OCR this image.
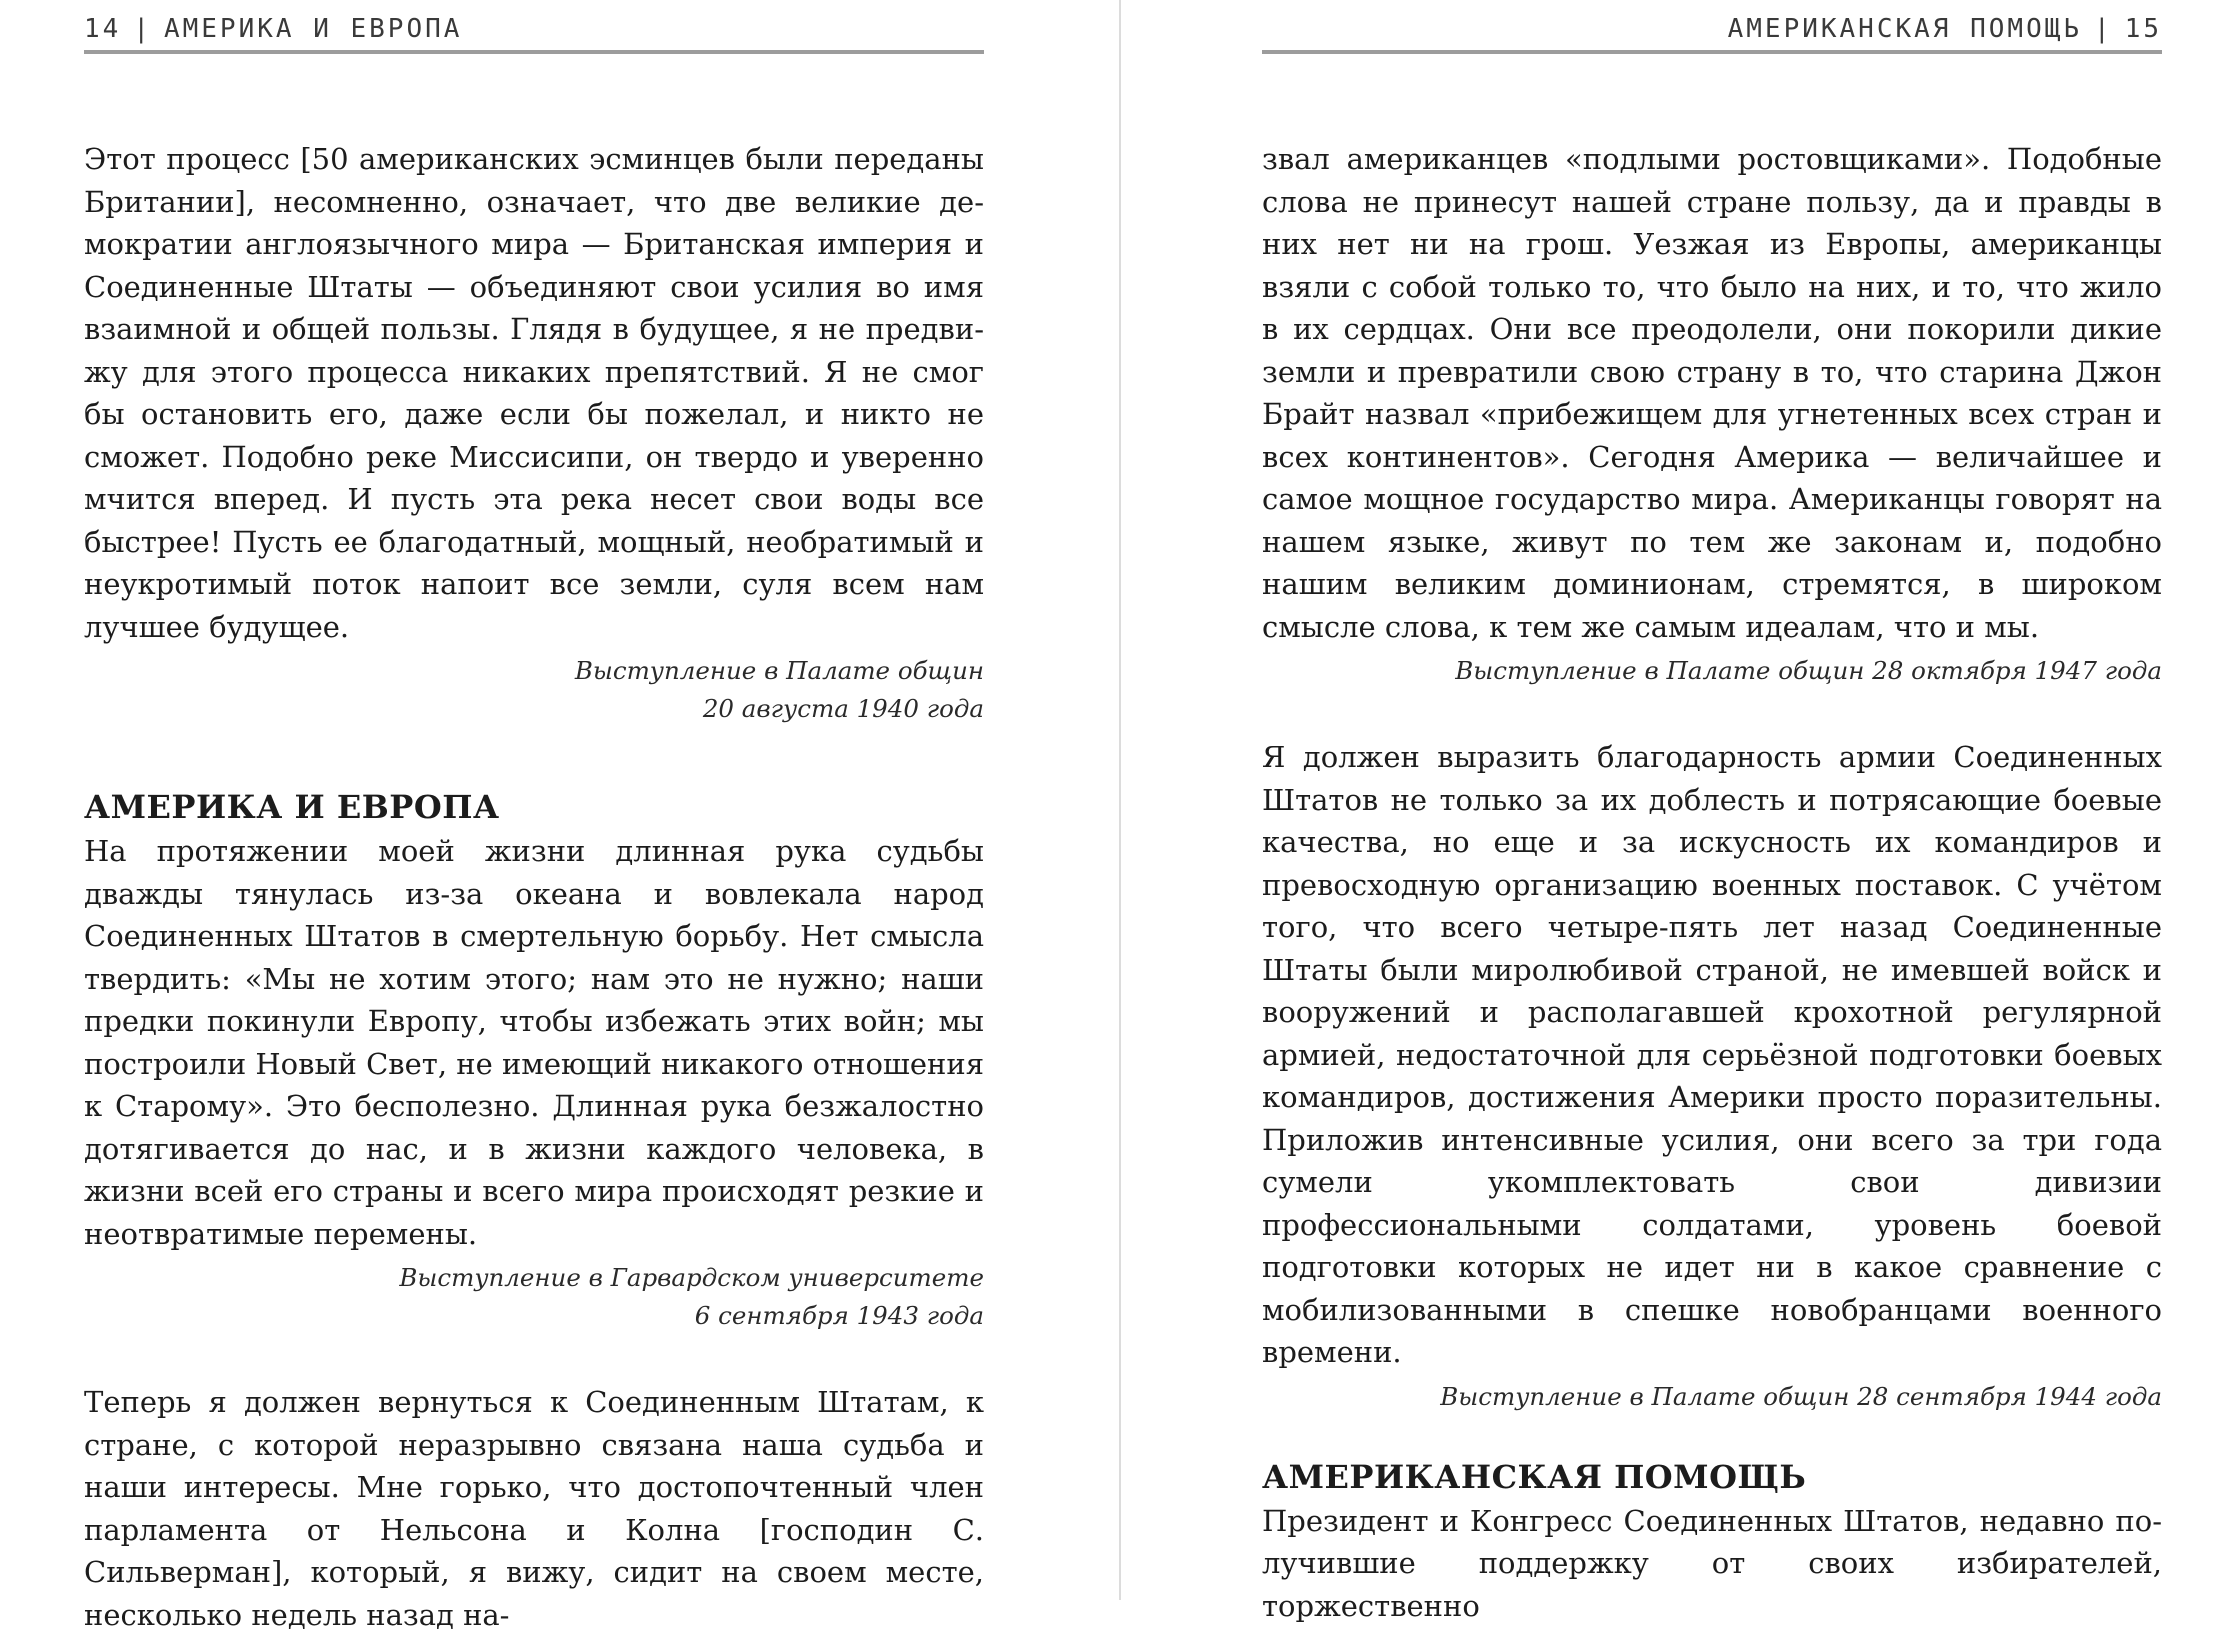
14 | АМЕРИКА И ЕВРОПА

Этот процесс [50 американских эсминцев были переданы Британии], несомненно, означает, что две великие демократии англоязычного мира — Британская империя и Соединенные Штаты — объединяют свои усилия во имя взаимной и общей пользы. Глядя в будущее, я не предвижу для этого процесса никаких препятствий. Я не смог бы остановить его, даже если бы пожелал, и никто не сможет. Подобно реке Миссисипи, он твердо и уверенно мчится вперед. И пусть эта река несет свои воды все быстрее! Пусть ее благодатный, мощный, необратимый и неукротимый поток напоит все земли, суля всем нам лучшее будущее.

Выступление в Палате общин
20 августа 1940 года
АМЕРИКА И ЕВРОПА

На протяжении моей жизни длинная рука судьбы дважды тянулась из-за океана и вовлекала народ Соединенных Штатов в смертельную борьбу. Нет смысла твердить: «Мы не хотим этого; нам это не нужно; наши предки покинули Европу, чтобы избежать этих войн; мы построили Новый Свет, не имеющий никакого отношения к Старому». Это бесполезно. Длинная рука безжалостно дотягивается до нас, и в жизни каждого человека, в жизни всей его страны и всего мира происходят резкие и неотвратимые перемены.

Выступление в Гарвардском университете
6 сентября 1943 года

Теперь я должен вернуться к Соединенным Штатам, к стране, с которой неразрывно связана наша судьба и наши интересы. Мне горько, что достопочтенный член парламента от Нельсона и Колна [господин С. Сильверман], который, я вижу, сидит на своем месте, несколько недель назад на-

АМЕРИКАНСКАЯ ПОМОЩЬ | 15

звал американцев «подлыми ростовщиками». Подобные слова не принесут нашей стране пользу, да и правды в них нет ни на грош. Уезжая из Европы, американцы взяли с собой только то, что было на них, и то, что жило в их сердцах. Они все преодолели, они покорили дикие земли и превратили свою страну в то, что старина Джон Брайт назвал «прибежищем для угнетенных всех стран и всех континентов». Сегодня Америка — величайшее и самое мощное государство мира. Американцы говорят на нашем языке, живут по тем же законам и, подобно нашим великим доминионам, стремятся, в широком смысле слова, к тем же самым идеалам, что и мы.

Выступление в Палате общин 28 октября 1947 года

Я должен выразить благодарность армии Соединенных Штатов не только за их доблесть и потрясающие боевые качества, но еще и за искусность их командиров и превосходную организацию военных поставок. С учётом того, что всего четыре-пять лет назад Соединенные Штаты были миролюбивой страной, не имевшей войск и вооружений и располагавшей крохотной регулярной армией, недостаточной для серьёзной подготовки боевых командиров, достижения Америки просто поразительны. Приложив интенсивные усилия, они всего за три года сумели укомплектовать свои дивизии профессиональными солдатами, уровень боевой подготовки которых не идет ни в какое сравнение с мобилизованными в спешке новобранцами военного времени.

Выступление в Палате общин 28 сентября 1944 года
АМЕРИКАНСКАЯ ПОМОЩЬ

Президент и Конгресс Соединенных Штатов, недавно получившие поддержку от своих избирателей, торжественно
